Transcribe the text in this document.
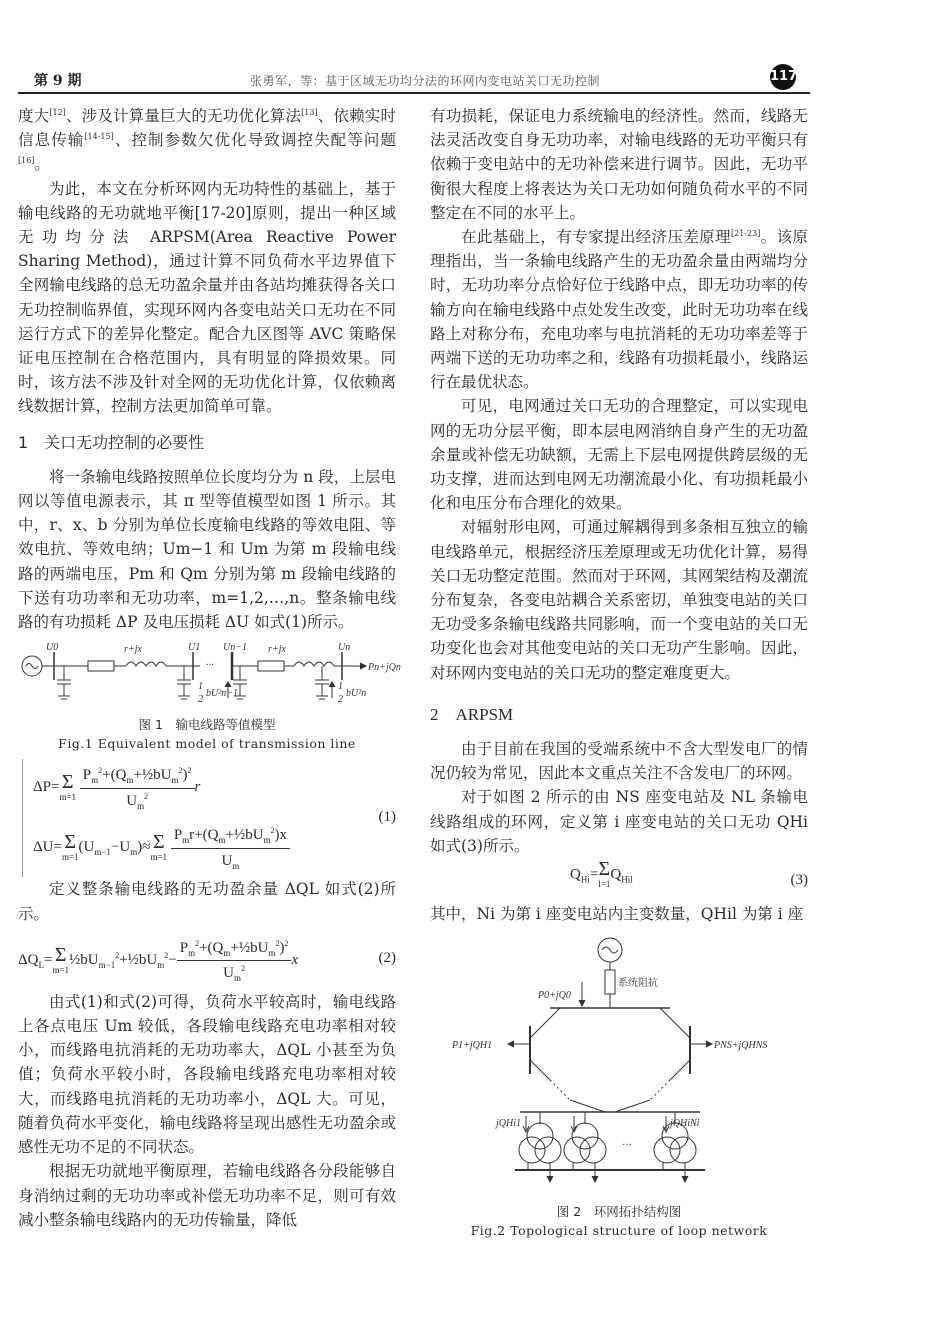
第 9 期	张勇军，等：基于区域无功均分法的环网内变电站关口无功控制	117

度大[12]、涉及计算量巨大的无功优化算法[13]、依赖实时信息传输[14-15]、控制参数欠优化导致调控失配等问题[16]。

为此，本文在分析环网内无功特性的基础上，基于输电线路的无功就地平衡[17-20]原则，提出一种区域无功均分法 ARPSM(Area Reactive Power Sharing Method)，通过计算不同负荷水平边界值下全网输电线路的总无功盈余量并由各站均摊获得各关口无功控制临界值，实现环网内各变电站关口无功在不同运行方式下的差异化整定。配合九区图等 AVC 策略保证电压控制在合格范围内，具有明显的降损效果。同时，该方法不涉及针对全网的无功优化计算，仅依赖离线数据计算，控制方法更加简单可靠。

1　关口无功控制的必要性

将一条输电线路按照单位长度均分为 n 段，上层电网以等值电源表示，其 π 型等值模型如图 1 所示。其中，r、x、b 分别为单位长度输电线路的等效电阻、等效电抗、等效电纳；Um−1 和 Um 为第 m 段输电线路的两端电压，Pm 和 Qm 分别为第 m 段输电线路的下送有功功率和无功功率，m=1,2,…,n。整条输电线路的有功损耗 ΔP 及电压损耗 ΔU 如式(1)所示。

U0	r+jx	U1
···
Un−1 r+jx	Un
Pn+jQn
1
2
bU²n−1
1
2
bU²n
图 1　输电线路等值模型
Fig.1 Equivalent model of transmission line
ΔP= Σ
m=1
$\frac{P_m^2+(Q_m+\frac{1}{2}bU_m^2)^2}{U_m^2}$ r
(1)
ΔU= Σ
m=1
$(U_{m-1}-U_m)\approx \Sigma$
m=1
$\frac{P_mr+(Q_m+\frac{1}{2}bU_m^2)x}{U_m}$

定义整条输电线路的无功盈余量 ΔQL 如式(2)所示。

$\Delta Q_L= \Sigma$
m=1
$\frac{1}{2}bU_{m-1}^2+\frac{1}{2}bU_m^2- \frac{P_m^2+(Q_m+\frac{1}{2}bU_m^2)^2}{U_m^2}$ x	(2)

由式(1)和式(2)可得，负荷水平较高时，输电线路上各点电压 Um 较低，各段输电线路充电功率相对较小，而线路电抗消耗的无功功率大，ΔQL 小甚至为负值；负荷水平较小时，各段输电线路充电功率相对较大，而线路电抗消耗的无功功率小，ΔQL 大。可见，随着负荷水平变化，输电线路将呈现出感性无功盈余或感性无功不足的不同状态。

根据无功就地平衡原理，若输电线路各分段能够自身消纳过剩的无功功率或补偿无功功率不足，则可有效减小整条输电线路内的无功传输量，降低

有功损耗，保证电力系统输电的经济性。然而，线路无法灵活改变自身无功功率，对输电线路的无功平衡只有依赖于变电站中的无功补偿来进行调节。因此，无功平衡很大程度上将表达为关口无功如何随负荷水平的不同整定在不同的水平上。

在此基础上，有专家提出经济压差原理[21-23]。该原理指出，当一条输电线路产生的无功盈余量由两端均分时，无功功率分点恰好位于线路中点，即无功功率的传输方向在输电线路中点处发生改变，此时无功功率在线路上对称分布，充电功率与电抗消耗的无功功率差等于两端下送的无功功率之和，线路有功损耗最小，线路运行在最优状态。

可见，电网通过关口无功的合理整定，可以实现电网的无功分层平衡，即本层电网消纳自身产生的无功盈余量或补偿无功缺额，无需上下层电网提供跨层级的无功支撑，进而达到电网无功潮流最小化、有功损耗最小化和电压分布合理化的效果。

对辐射形电网，可通过解耦得到多条相互独立的输电线路单元，根据经济压差原理或无功优化计算，易得关口无功整定范围。然而对于环网，其网架结构及潮流分布复杂，各变电站耦合关系密切，单独变电站的关口无功受多条输电线路共同影响，而一个变电站的关口无功变化也会对其他变电站的关口无功产生影响。因此，对环网内变电站的关口无功的整定难度更大。

2　ARPSM

由于目前在我国的受端系统中不含大型发电厂的情况仍较为常见，因此本文重点关注不含发电厂的环网。

对于如图 2 所示的由 NS 座变电站及 NL 条输电线路组成的环网，定义第 i 座变电站的关口无功 QHi 如式(3)所示。

$Q_{Hi}= \Sigma$
l=1
$Q_{Hil}$	(3)

其中，Ni 为第 i 座变电站内主变数量，QHil 为第 i 座

系统阻抗
P0+jQ0
P1+jQH1	PNS+jQHNS
jQHi1	jQHiNi
···
图 2　环网拓扑结构图
Fig.2 Topological structure of loop network
